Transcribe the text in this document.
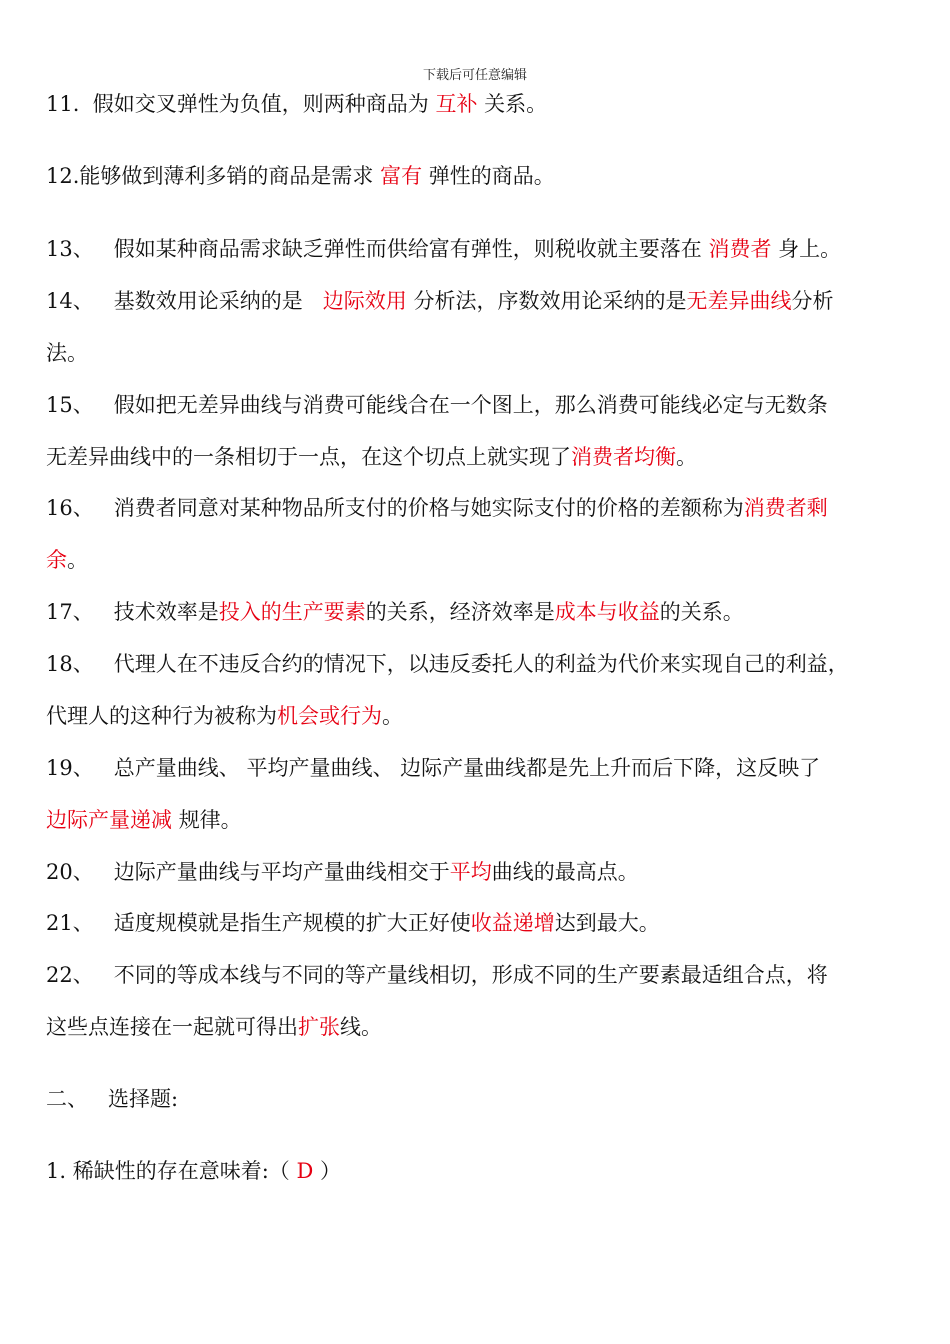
下载后可任意编辑
11. 假如交叉弹性为负值，则两种商品为 互补 关系。
12.能够做到薄利多销的商品是需求 富有 弹性的商品。
13、 假如某种商品需求缺乏弹性而供给富有弹性，则税收就主要落在 消费者 身上。
14、 基数效用论采纳的是 边际效用 分析法，序数效用论采纳的是无差异曲线分析
法。
15、 假如把无差异曲线与消费可能线合在一个图上，那么消费可能线必定与无数条
无差异曲线中的一条相切于一点，在这个切点上就实现了消费者均衡。
16、 消费者同意对某种物品所支付的价格与她实际支付的价格的差额称为消费者剩
余。
17、 技术效率是投入的生产要素的关系，经济效率是成本与收益的关系。
18、 代理人在不违反合约的情况下，以违反委托人的利益为代价来实现自己的利益，
代理人的这种行为被称为机会或行为。
19、 总产量曲线、 平均产量曲线、 边际产量曲线都是先上升而后下降，这反映了
边际产量递减 规律。
20、 边际产量曲线与平均产量曲线相交于平均曲线的最高点。
21、 适度规模就是指生产规模的扩大正好使收益递增达到最大。
22、 不同的等成本线与不同的等产量线相切，形成不同的生产要素最适组合点，将
这些点连接在一起就可得出扩张线。
二、 选择题:
1. 稀缺性的存在意味着:（ D ）
